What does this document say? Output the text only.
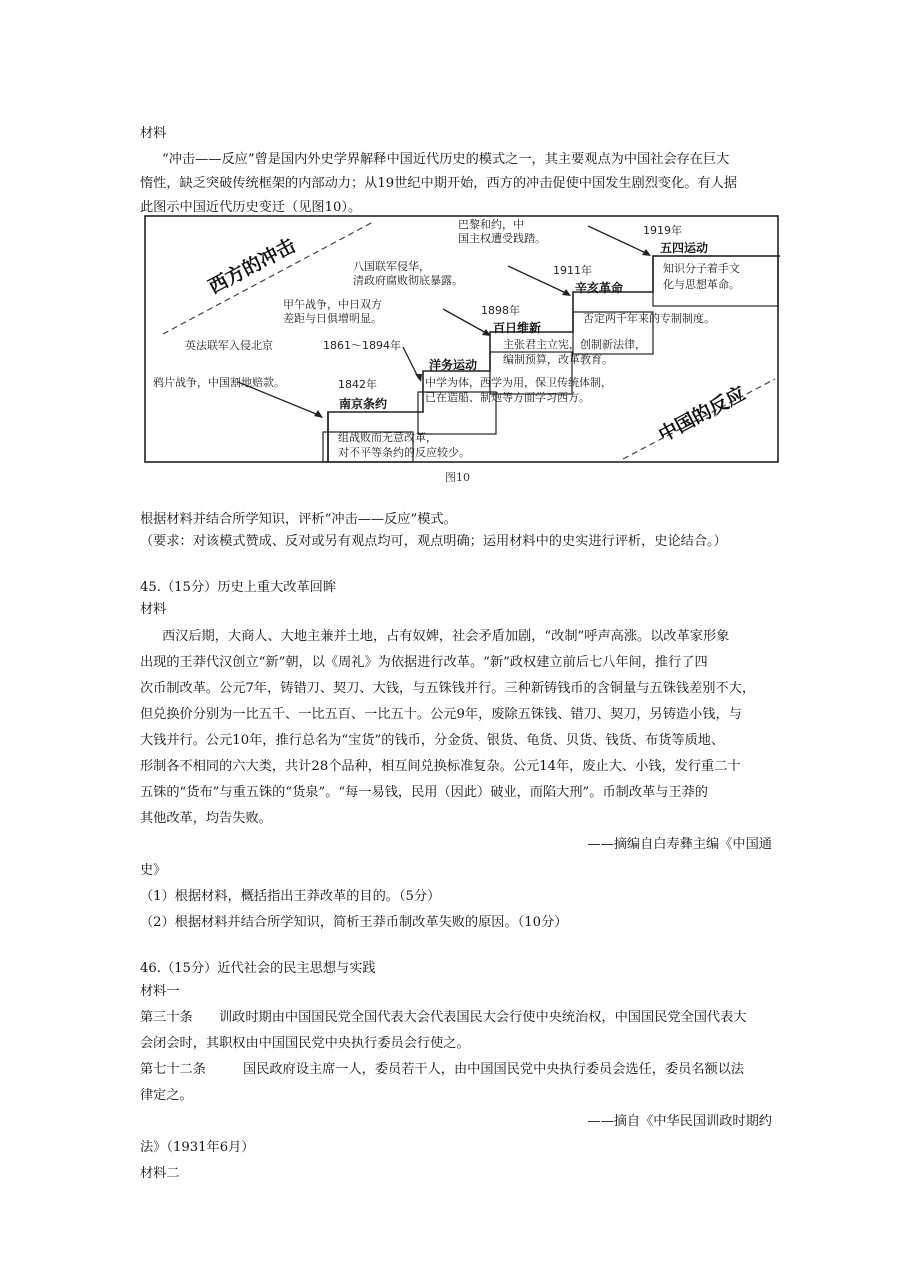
材料
“冲击——反应”曾是国内外史学界解释中国近代历史的模式之一，其主要观点为中国社会存在巨大
惰性，缺乏突破传统框架的内部动力；从19世纪中期开始，西方的冲击促使中国发生剧烈变化。有人据
此图示中国近代历史变迁（见图10）。
西方的冲击
中国的反应
1842年
南京条约
鸦片战争，中国割地赔款。
组战败而无意改革，
对不平等条约的反应较少。
1861～1894年
洋务运动
英法联军入侵北京
中学为体，西学为用，保卫传统体制，
已在造船、制炮等方面学习西方。
1898年
百日维新
甲午战争，中日双方
差距与日俱增明显。
主张君主立宪，创制新法律，
编制预算，改革教育。
1911年
辛亥革命
八国联军侵华，
清政府腐败彻底暴露。
否定两千年来的专制制度。
1919年
五四运动
巴黎和约，中
国主权遭受践踏。
知识分子着手文
化与思想革命。
图10
根据材料并结合所学知识，评析“冲击——反应”模式。
（要求：对该模式赞成、反对或另有观点均可，观点明确；运用材料中的史实进行评析，史论结合。）
45.（15分）历史上重大改革回眸
材料
西汉后期，大商人、大地主兼并土地，占有奴婢，社会矛盾加剧，“改制”呼声高涨。以改革家形象
出现的王莽代汉创立“新”朝，以《周礼》为依据进行改革。“新”政权建立前后七八年间，推行了四
次币制改革。公元7年，铸错刀、契刀、大钱，与五铢钱并行。三种新铸钱币的含铜量与五铢钱差别不大，
但兑换价分别为一比五千、一比五百、一比五十。公元9年，废除五铢钱、错刀、契刀，另铸造小钱，与
大钱并行。公元10年，推行总名为“宝货”的钱币，分金货、银货、龟货、贝货、钱货、布货等质地、
形制各不相同的六大类，共计28个品种，相互间兑换标准复杂。公元14年，废止大、小钱，发行重二十
五铢的“货布”与重五铢的“货泉”。“每一易钱，民用（因此）破业，而陷大刑”。币制改革与王莽的
其他改革，均告失败。
——摘编自白寿彝主编《中国通
史》
（1）根据材料，概括指出王莽改革的目的。（5分）
（2）根据材料并结合所学知识，简析王莽币制改革失败的原因。（10分）
46.（15分）近代社会的民主思想与实践
材料一
第三十条 训政时期由中国国民党全国代表大会代表国民大会行使中央统治权，中国国民党全国代表大
会闭会时，其职权由中国国民党中央执行委员会行使之。
第七十二条	国民政府设主席一人，委员若干人，由中国国民党中央执行委员会选任，委员名额以法
律定之。
——摘自《中华民国训政时期约
法》（1931年6月）
材料二
